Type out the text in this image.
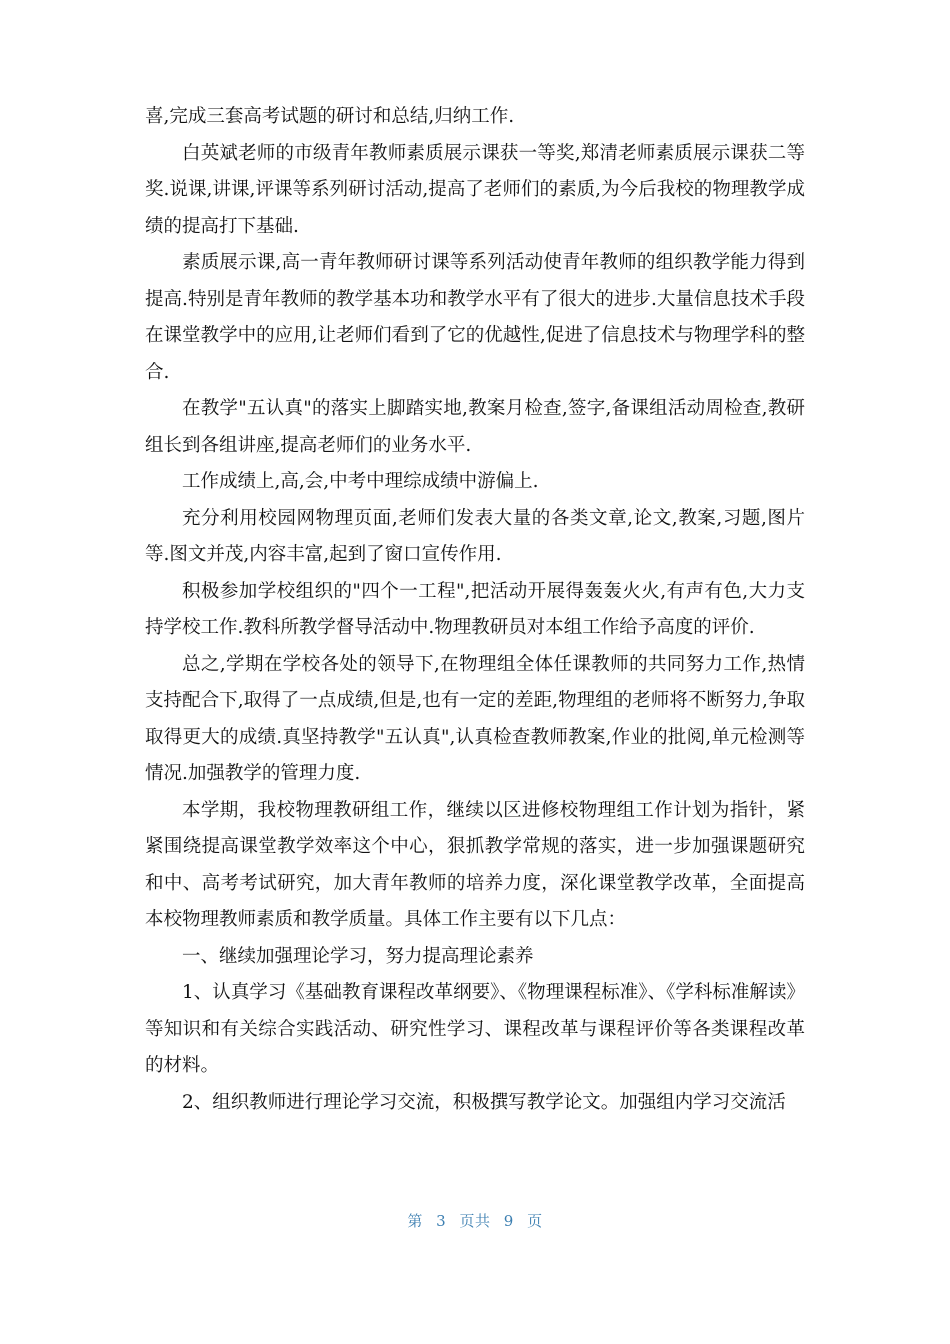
喜,完成三套高考试题的研讨和总结,归纳工作.

白英斌老师的市级青年教师素质展示课获一等奖,郑清老师素质展示课获二等奖.说课,讲课,评课等系列研讨活动,提高了老师们的素质,为今后我校的物理教学成绩的提高打下基础.

素质展示课,高一青年教师研讨课等系列活动使青年教师的组织教学能力得到提高.特别是青年教师的教学基本功和教学水平有了很大的进步.大量信息技术手段在课堂教学中的应用,让老师们看到了它的优越性,促进了信息技术与物理学科的整合.

在教学"五认真"的落实上脚踏实地,教案月检查,签字,备课组活动周检查,教研组长到各组讲座,提高老师们的业务水平.

工作成绩上,高,会,中考中理综成绩中游偏上.

充分利用校园网物理页面,老师们发表大量的各类文章,论文,教案,习题,图片等.图文并茂,内容丰富,起到了窗口宣传作用.

积极参加学校组织的"四个一工程",把活动开展得轰轰火火,有声有色,大力支持学校工作.教科所教学督导活动中.物理教研员对本组工作给予高度的评价.

总之,学期在学校各处的领导下,在物理组全体任课教师的共同努力工作,热情支持配合下,取得了一点成绩,但是,也有一定的差距,物理组的老师将不断努力,争取取得更大的成绩.真坚持教学"五认真",认真检查教师教案,作业的批阅,单元检测等情况.加强教学的管理力度.

本学期，我校物理教研组工作，继续以区进修校物理组工作计划为指针，紧紧围绕提高课堂教学效率这个中心，狠抓教学常规的落实，进一步加强课题研究和中、高考考试研究，加大青年教师的培养力度，深化课堂教学改革，全面提高本校物理教师素质和教学质量。具体工作主要有以下几点：

一、继续加强理论学习，努力提高理论素养

1、认真学习《基础教育课程改革纲要》、《物理课程标准》、《学科标准解读》等知识和有关综合实践活动、研究性学习、课程改革与课程评价等各类课程改革的材料。

2、组织教师进行理论学习交流，积极撰写教学论文。加强组内学习交流活

第 3 页共 9 页
